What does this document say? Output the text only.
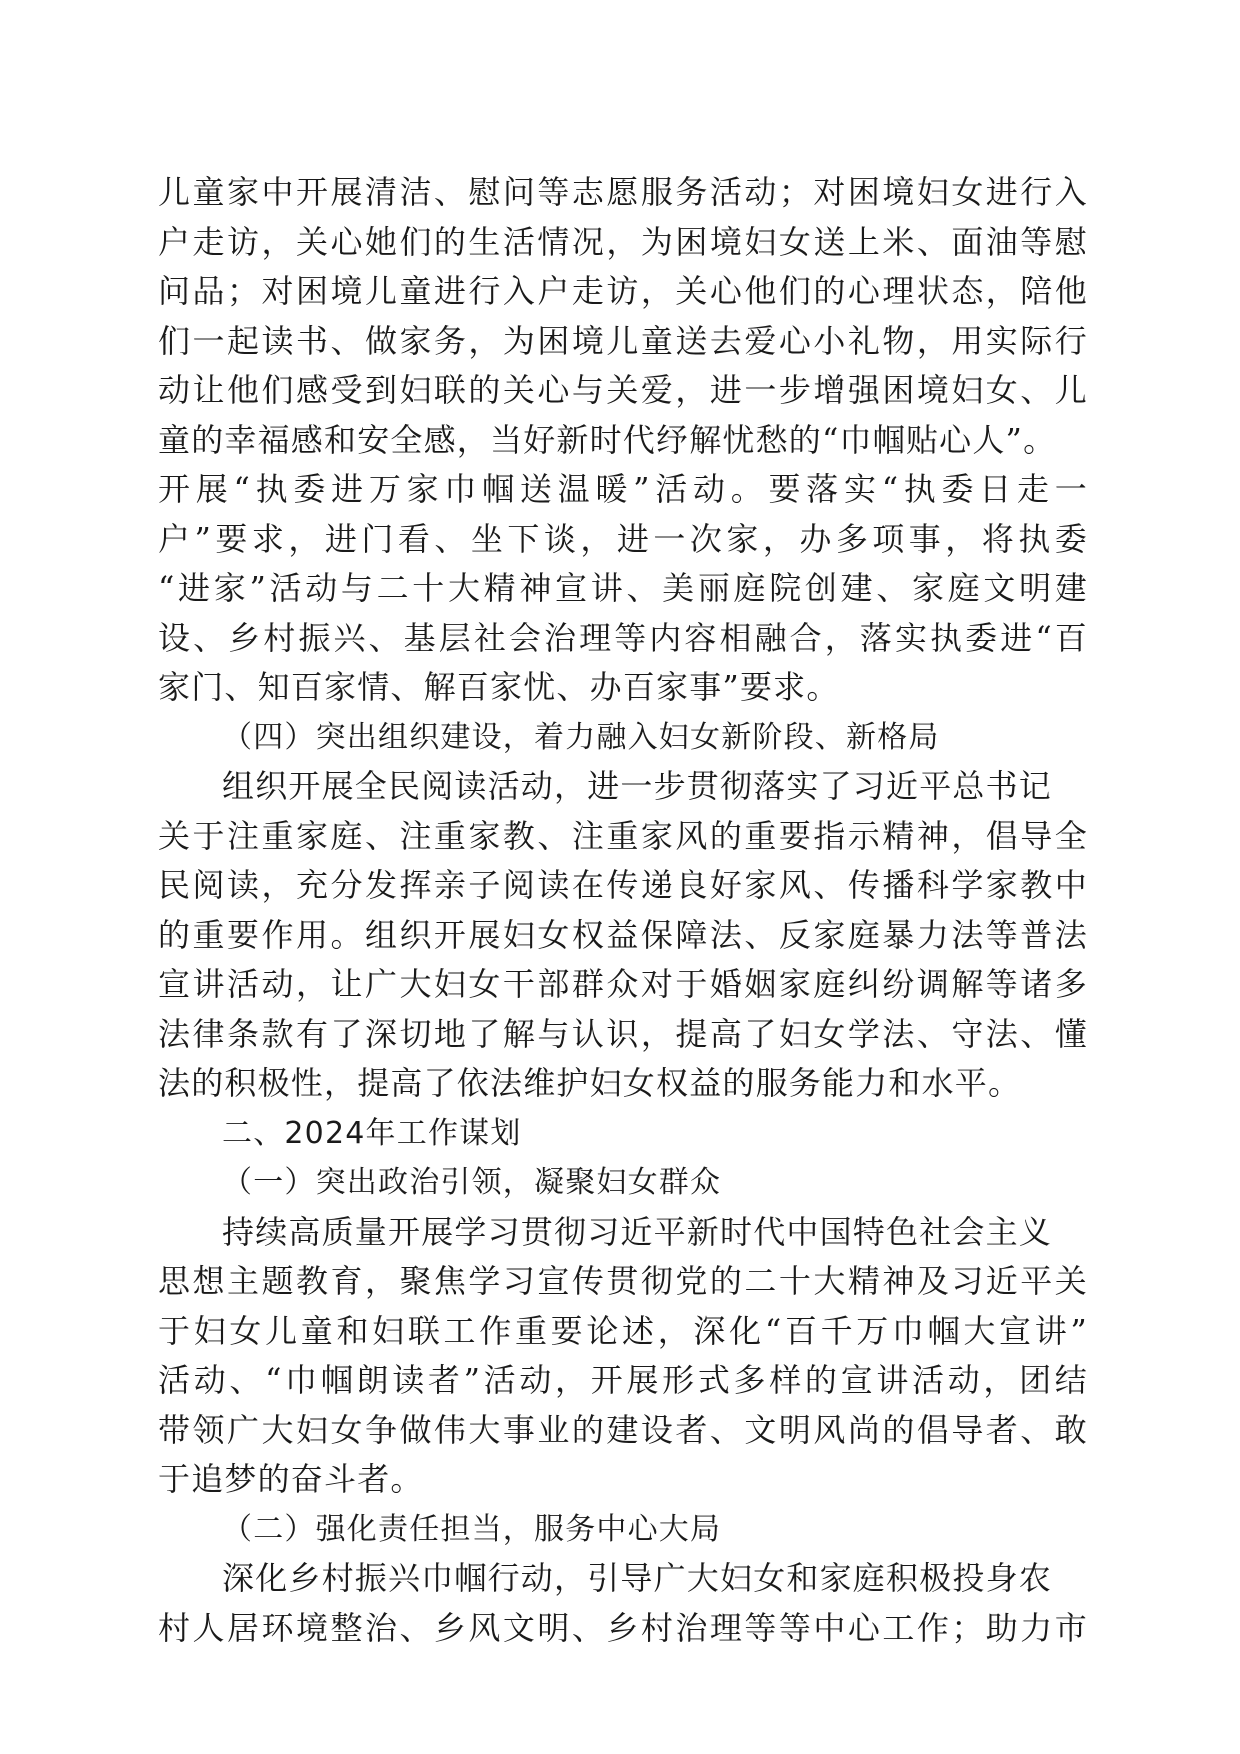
儿童家中开展清洁、慰问等志愿服务活动；对困境妇女进行入
户走访，关心她们的生活情况，为困境妇女送上米、面油等慰
问品；对困境儿童进行入户走访，关心他们的心理状态，陪他
们一起读书、做家务，为困境儿童送去爱心小礼物，用实际行
动让他们感受到妇联的关心与关爱，进一步增强困境妇女、儿
童的幸福感和安全感，当好新时代纾解忧愁的“巾帼贴心人”。
开展“执委进万家巾帼送温暖”活动。要落实“执委日走一
户”要求，进门看、坐下谈，进一次家，办多项事，将执委
“进家”活动与二十大精神宣讲、美丽庭院创建、家庭文明建
设、乡村振兴、基层社会治理等内容相融合，落实执委进“百
家门、知百家情、解百家忧、办百家事”要求。
（四）突出组织建设，着力融入妇女新阶段、新格局
组织开展全民阅读活动，进一步贯彻落实了习近平总书记
关于注重家庭、注重家教、注重家风的重要指示精神，倡导全
民阅读，充分发挥亲子阅读在传递良好家风、传播科学家教中
的重要作用。组织开展妇女权益保障法、反家庭暴力法等普法
宣讲活动，让广大妇女干部群众对于婚姻家庭纠纷调解等诸多
法律条款有了深切地了解与认识，提高了妇女学法、守法、懂
法的积极性，提高了依法维护妇女权益的服务能力和水平。
二、2024年工作谋划
（一）突出政治引领，凝聚妇女群众
持续高质量开展学习贯彻习近平新时代中国特色社会主义
思想主题教育，聚焦学习宣传贯彻党的二十大精神及习近平关
于妇女儿童和妇联工作重要论述，深化“百千万巾帼大宣讲”
活动、“巾帼朗读者”活动，开展形式多样的宣讲活动，团结
带领广大妇女争做伟大事业的建设者、文明风尚的倡导者、敢
于追梦的奋斗者。
（二）强化责任担当，服务中心大局
深化乡村振兴巾帼行动，引导广大妇女和家庭积极投身农
村人居环境整治、乡风文明、乡村治理等等中心工作；助力市
